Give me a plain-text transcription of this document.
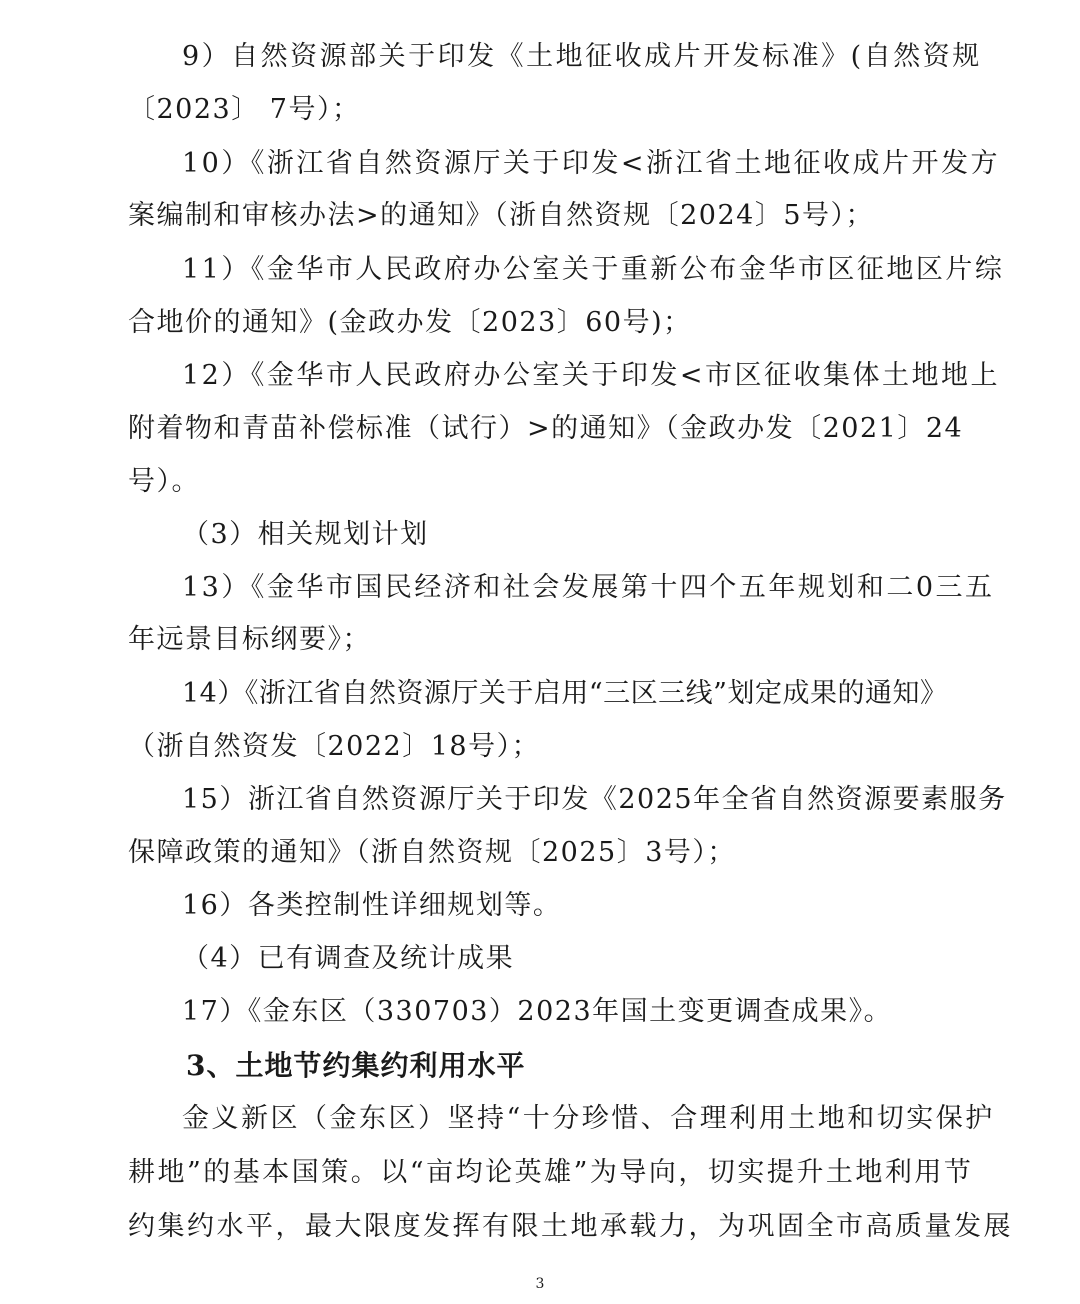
9）自然资源部关于印发《土地征收成片开发标准》(自然资规
〔2023〕 7号）；
10）《浙江省自然资源厅关于印发<浙江省土地征收成片开发方
案编制和审核办法>的通知》（浙自然资规〔2024〕5号）；
11）《金华市人民政府办公室关于重新公布金华市区征地区片综
合地价的通知》(金政办发〔2023〕60号)；
12）《金华市人民政府办公室关于印发<市区征收集体土地地上
附着物和青苗补偿标准（试行）>的通知》（金政办发〔2021〕24
号）。
（3）相关规划计划
13）《金华市国民经济和社会发展第十四个五年规划和二0三五
年远景目标纲要》；
14）《浙江省自然资源厅关于启用“三区三线”划定成果的通知》
（浙自然资发〔2022〕18号）；
15）浙江省自然资源厅关于印发《2025年全省自然资源要素服务
保障政策的通知》（浙自然资规〔2025〕3号）；
16）各类控制性详细规划等。
（4）已有调查及统计成果
17）《金东区（330703）2023年国土变更调查成果》。
3、土地节约集约利用水平
金义新区（金东区）坚持“十分珍惜、合理利用土地和切实保护
耕地”的基本国策。以“亩均论英雄”为导向，切实提升土地利用节
约集约水平，最大限度发挥有限土地承载力，为巩固全市高质量发展
3
